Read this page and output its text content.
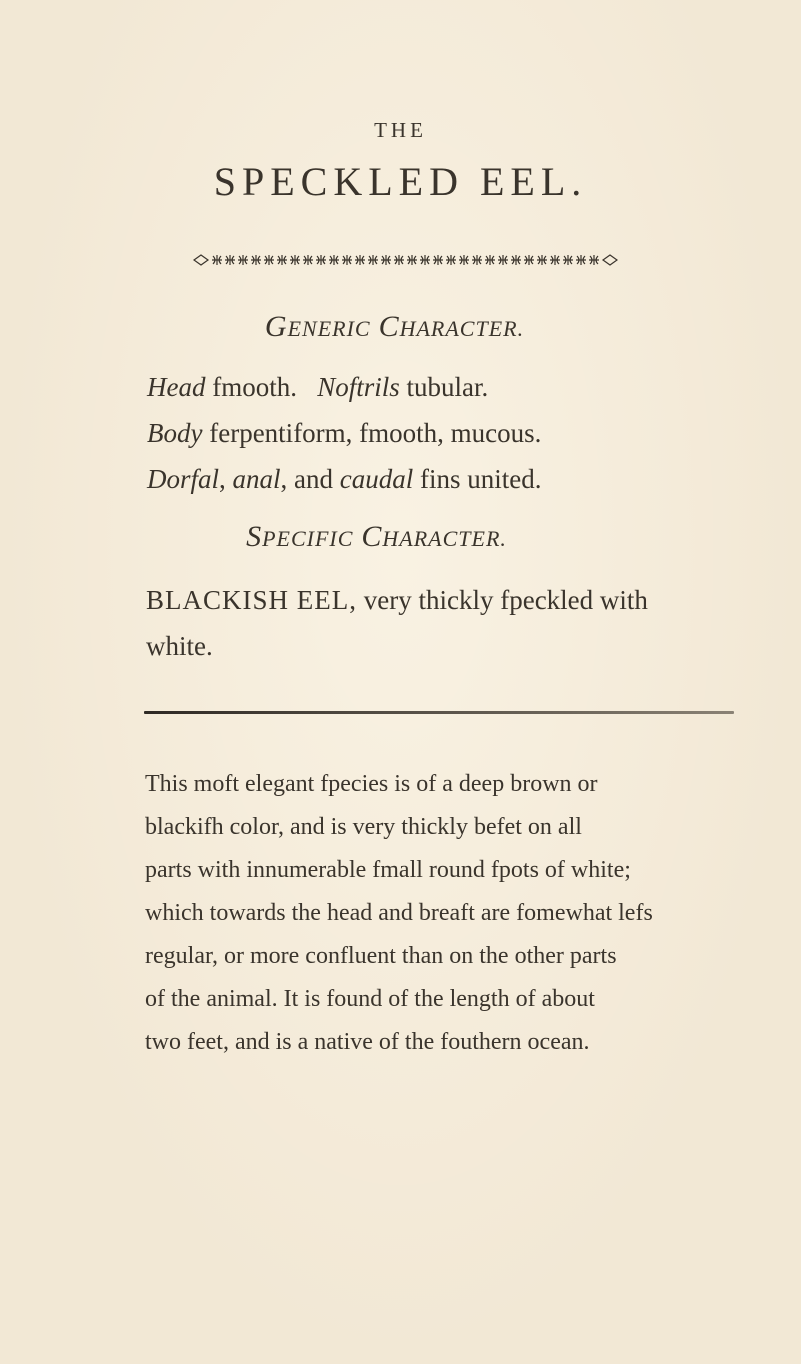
THE
SPECKLED EEL.
GENERIC CHARACTER.
Head fmooth. Noftrils tubular.
Body ferpentiform, fmooth, mucous.
Dorfal, anal, and caudal fins united.
SPECIFIC CHARACTER.
BLACKISH EEL, very thickly fpeckled with
white.
This moft elegant fpecies is of a deep brown or
blackifh color, and is very thickly befet on all
parts with innumerable fmall round fpots of white;
which towards the head and breaft are fomewhat lefs
regular, or more confluent than on the other parts
of the animal. It is found of the length of about
two feet, and is a native of the fouthern ocean.
